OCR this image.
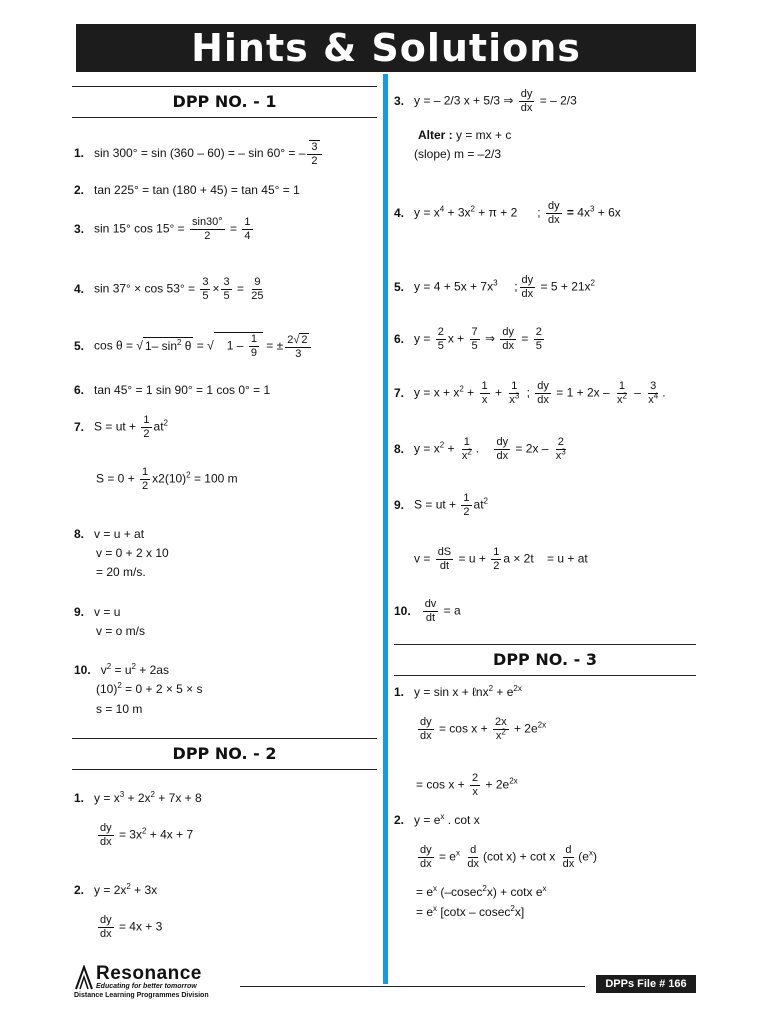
Hints & Solutions
DPP NO. - 1
1. sin 300° = sin (360 – 60) = – sin 60° = – $\frac{3}{2}$
2. tan 225° = tan (180 + 45) = tan 45° = 1
3. sin 15° $\cos 15^\circ = \frac{\sin 30^\circ}{2} = \frac{1}{4}$
4. $\sin 37^\circ \times \cos 53^\circ = \frac{3}{5} \times \frac{3}{5} = \frac{9}{25}$
5. cos θ = √ 1– $\sin^2 \theta$ = √
$1 - \frac{1}{9}$ = ± $\frac{2√ 2}{3}$
6. tan 45° = 1 sin 90° = 1 cos 0° = 1
7. S = ut + $\frac{1}{2} at^2$
$S = 0 + \frac{1}{2} x2(10)^2 = 100$ m
8. v = u + at
v = 0 + 2 x 10
= 20 m/s.
9. v = u
v = o m/s
10. $v^2 = u^2 + 2as$
$(10)^2 = 0 + 2 \times 5 \times s$
s = 10 m
DPP NO. - 2
1. $y = x^3 + 2x^2 + 7x + 8$
$\frac{dy}{dx} = 3x^2 + 4x + 7$
2. $y = 2x^2 + 3x$
$\frac{dy}{dx} = 4x + 3$
3. y = – 2/3 x + 5/3 ⇒ $\frac{dy}{dx}$ = – 2/3
Alter : y = mx + c
(slope) m = –2/3
4. $y = x^4 + 3x^2 + \pi + 2$      ; $\frac{dy}{dx} = 4x^3 + 6x$
5. $y = 4 + 5x + 7x^3$     ; $\frac{dy}{dx} = 5 + 21x^2$
6. $y = \frac{2}{5}$ $x + \frac{7}{5}$ ⇒ $\frac{dy}{dx} = \frac{2}{5}$
7. $y = x + x^2 + \frac{1}{x} + \frac{1}{x^3}$ ; $\frac{dy}{dx} = 1 + 2x - \frac{1}{x^2} - \frac{3}{x^4}$ .
8. $y = x^2 + \frac{1}{x^2}$ . $\frac{dy}{dx} = 2x - \frac{2}{x^3}$
9. S = ut + $\frac{1}{2} at^2$
$v = \frac{dS}{dt} = u + \frac{1}{2}$ a × 2t    = u + at
10. $\frac{dv}{dt} = a$
DPP NO. - 3
1. y = sin x + ℓnx$^2$ + $e^{2x}$
$\frac{dy}{dx} = \cos x + \frac{2x}{x^2} + 2e^{2x}$
= $\cos x + \frac{2}{x} + 2e^{2x}$
2. $y = e^x$ . cot x
$\frac{dy}{dx} = e^x \frac{d}{dx} (\cot$ x) + cot x $\frac{d}{dx} (e^x)$
= $e^x$ (–cosec$^2$x) + cotx $e^x$
= $e^x$ [cotx – cosec$^2$x]
Resonance
Educating for better tomorrow
Distance Learning Programmes Division
DPPs File # 166
